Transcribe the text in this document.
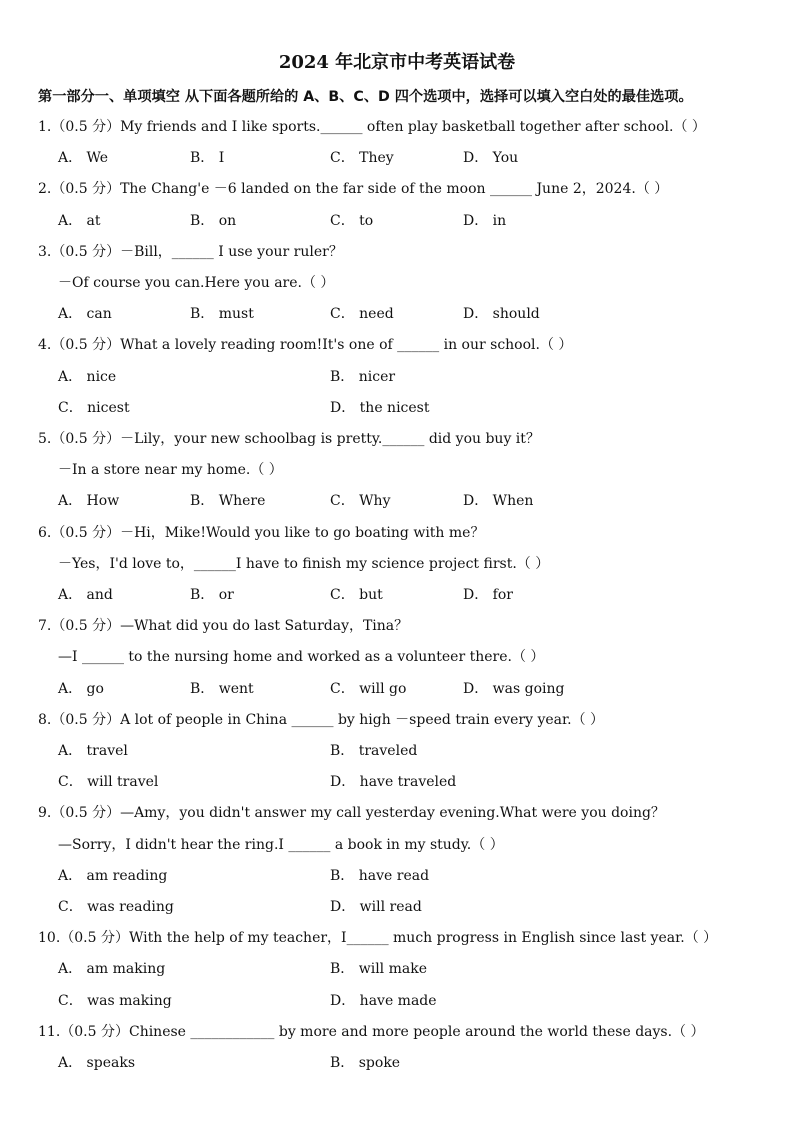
2024 年北京市中考英语试卷
第一部分一、单项填空 从下面各题所给的 A、B、C、D 四个选项中，选择可以填入空白处的最佳选项。
1.（0.5 分）My friends and I like sports.______ often play basketball together after school.（ ）
A． We	B． I	C． They	D． You
2.（0.5 分）The Chang'e －6 landed on the far side of the moon ______ June 2，2024.（ ）
A． at	B． on	C． to	D． in
3.（0.5 分）－Bill，______ I use your ruler？
－Of course you can.Here you are.（ ）
A． can	B． must	C． need	D． should
4.（0.5 分）What a lovely reading room!It's one of ______ in our school.（ ）
A． nice	B． nicer
C． nicest	D． the nicest
5.（0.5 分）－Lily，your new schoolbag is pretty.______ did you buy it？
－In a store near my home.（ ）
A． How	B． Where	C． Why	D． When
6.（0.5 分）－Hi，Mike!Would you like to go boating with me？
－Yes，I'd love to，______I have to finish my science project first.（ ）
A． and	B． or	C． but	D． for
7.（0.5 分）—What did you do last Saturday，Tina？
—I ______ to the nursing home and worked as a volunteer there.（ ）
A． go	B． went	C． will go	D． was going
8.（0.5 分）A lot of people in China ______ by high －speed train every year.（ ）
A． travel	B． traveled
C． will travel	D． have traveled
9.（0.5 分）—Amy，you didn't answer my call yesterday evening.What were you doing？
—Sorry，I didn't hear the ring.I ______ a book in my study.（ ）
A． am reading	B． have read
C． was reading	D． will read
10.（0.5 分）With the help of my teacher，I______ much progress in English since last year.（ ）
A． am making	B． will make
C． was making	D． have made
11.（0.5 分）Chinese ____________ by more and more people around the world these days.（ ）
A． speaks	B． spoke
